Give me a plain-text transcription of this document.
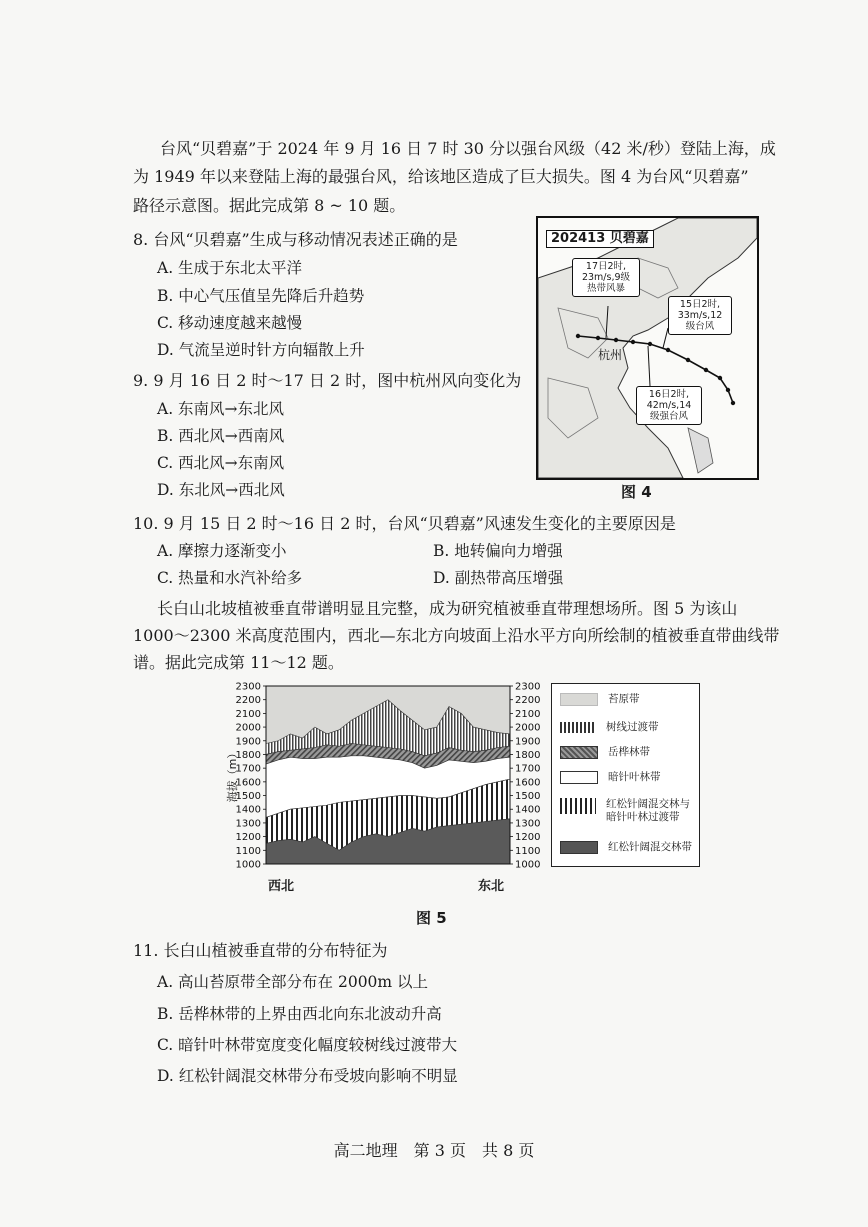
台风“贝碧嘉”于 2024 年 9 月 16 日 7 时 30 分以强台风级（42 米/秒）登陆上海，成
为 1949 年以来登陆上海的最强台风，给该地区造成了巨大损失。图 4 为台风“贝碧嘉”
路径示意图。据此完成第 8 ~ 10 题。
8. 台风“贝碧嘉”生成与移动情况表述正确的是
A. 生成于东北太平洋
B. 中心气压值呈先降后升趋势
C. 移动速度越来越慢
D. 气流呈逆时针方向辐散上升
9. 9 月 16 日 2 时～17 日 2 时，图中杭州风向变化为
A. 东南风→东北风
B. 西北风→西南风
C. 西北风→东南风
D. 东北风→西北风
202413 贝碧嘉
17日2时,
23m/s,9级
热带风暴
15日2时,
33m/s,12
级台风
16日2时,
42m/s,14
级强台风
杭州
图 4
10. 9 月 15 日 2 时～16 日 2 时，台风“贝碧嘉”风速发生变化的主要原因是
A. 摩擦力逐渐变小	B. 地转偏向力增强
C. 热量和水汽补给多	D. 副热带高压增强
长白山北坡植被垂直带谱明显且完整，成为研究植被垂直带理想场所。图 5 为该山
1000～2300 米高度范围内，西北—东北方向坡面上沿水平方向所绘制的植被垂直带曲线带
谱。据此完成第 11～12 题。
1000	1000
1100	1100
1200	1200
1300	1300
1400	1400
1500	1500
1600	1600
1700	1700
1800	1800
1900	1900
2000	2000
2100	2100
2200	2200
2300	2300
海拔（m）
西北	东北
苔原带
树线过渡带
岳桦林带
暗针叶林带
红松针阔混交林与暗针叶林过渡带
红松针阔混交林带
图 5
11. 长白山植被垂直带的分布特征为
A. 高山苔原带全部分布在 2000m 以上
B. 岳桦林带的上界由西北向东北波动升高
C. 暗针叶林带宽度变化幅度较树线过渡带大
D. 红松针阔混交林带分布受坡向影响不明显
高二地理　第 3 页　共 8 页
